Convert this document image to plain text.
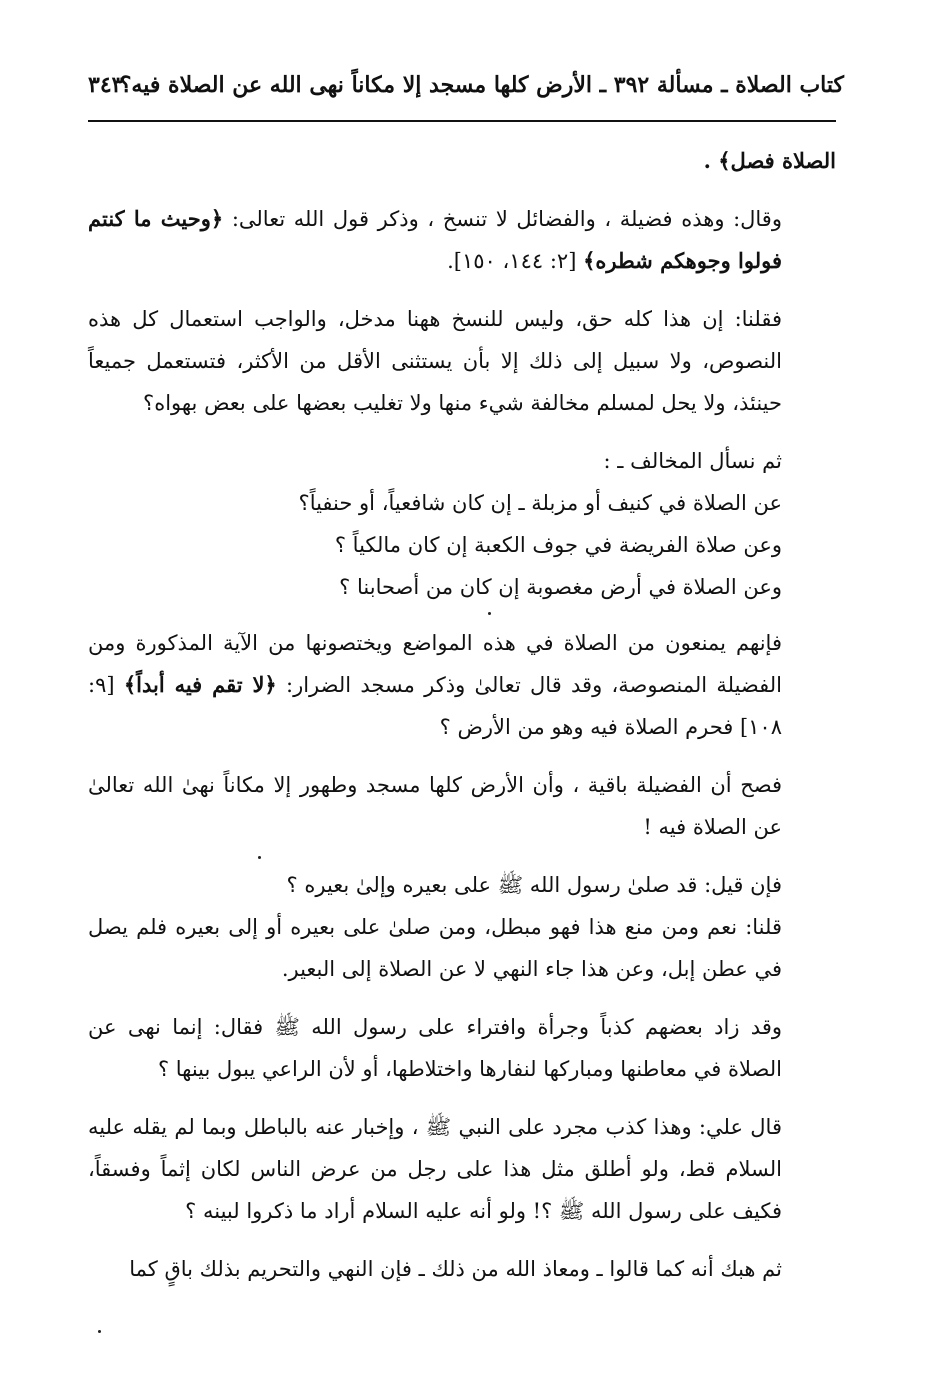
كتاب الصلاة ـ مسألة ٣٩٢ ـ الأرض كلها مسجد إلا مكاناً نهى الله عن الصلاة فيه؟
٣٤٣

الصلاة فصل﴾ .

وقال: وهذه فضيلة ، والفضائل لا تنسخ ، وذكر قول الله تعالى: ﴿وحيث ما كنتم فولوا وجوهكم شطره﴾ [٢: ١٤٤، ١٥٠].

فقلنا: إن هذا كله حق، وليس للنسخ ههنا مدخل، والواجب استعمال كل هذه النصوص، ولا سبيل إلى ذلك إلا بأن يستثنى الأقل من الأكثر، فتستعمل جميعاً حينئذ، ولا يحل لمسلم مخالفة شيء منها ولا تغليب بعضها على بعض بهواه؟

ثم نسأل المخالف ـ :
عن الصلاة في كنيف أو مزبلة ـ إن كان شافعياً، أو حنفياً؟
وعن صلاة الفريضة في جوف الكعبة إن كان مالكياً ؟
وعن الصلاة في أرض مغصوبة إن كان من أصحابنا ؟

فإنهم يمنعون من الصلاة في هذه المواضع ويختصونها من الآية المذكورة ومن الفضيلة المنصوصة، وقد قال تعالىٰ وذكر مسجد الضرار: ﴿لا تقم فيه أبداً﴾ [٩: ١٠٨] فحرم الصلاة فيه وهو من الأرض ؟

فصح أن الفضيلة باقية ، وأن الأرض كلها مسجد وطهور إلا مكاناً نهىٰ الله تعالىٰ عن الصلاة فيه !

فإن قيل: قد صلىٰ رسول الله ﷺ على بعيره وإلىٰ بعيره ؟

قلنا: نعم ومن منع هذا فهو مبطل، ومن صلىٰ على بعيره أو إلى بعيره فلم يصل في عطن إبل، وعن هذا جاء النهي لا عن الصلاة إلى البعير.

وقد زاد بعضهم كذباً وجرأة وافتراء على رسول الله ﷺ فقال: إنما نهى عن الصلاة في معاطنها ومباركها لنفارها واختلاطها، أو لأن الراعي يبول بينها ؟

قال علي: وهذا كذب مجرد على النبي ﷺ ، وإخبار عنه بالباطل وبما لم يقله عليه السلام قط، ولو أطلق مثل هذا على رجل من عرض الناس لكان إثماً وفسقاً، فكيف على رسول الله ﷺ ؟! ولو أنه عليه السلام أراد ما ذكروا لبينه ؟

ثم هبك أنه كما قالوا ـ ومعاذ الله من ذلك ـ فإن النهي والتحريم بذلك باقٍ كما
